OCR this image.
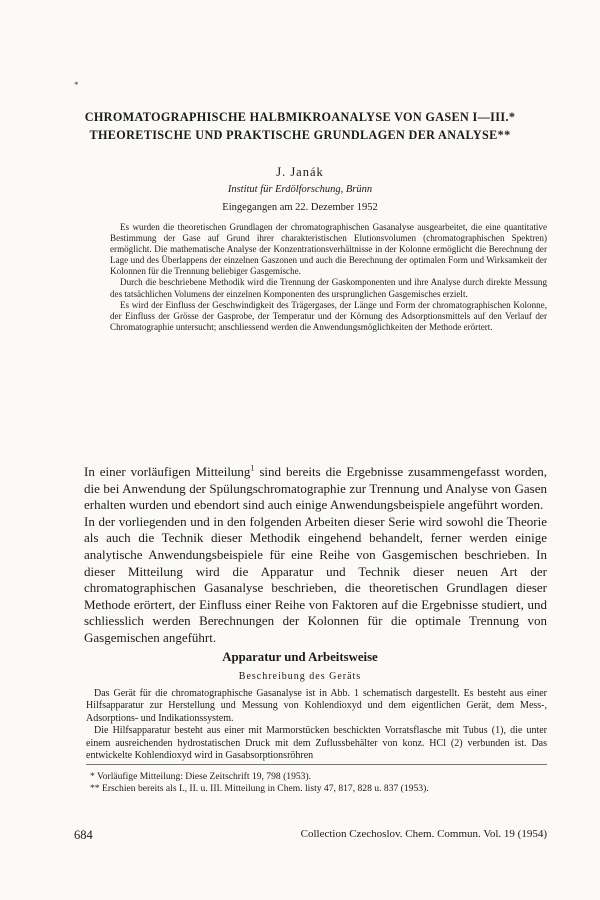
*
CHROMATOGRAPHISCHE HALBMIKROANALYSE VON GASEN I—III.*
THEORETISCHE UND PRAKTISCHE GRUNDLAGEN DER ANALYSE**
J. Janák
Institut für Erdölforschung, Brünn
Eingegangen am 22. Dezember 1952

Es wurden die theoretischen Grundlagen der chromatographischen Gasanalyse ausgearbeitet, die eine quantitative Bestimmung der Gase auf Grund ihrer charakteristischen Elutionsvolumen (chromatographischen Spektren) ermöglicht. Die mathematische Analyse der Konzentrationsverhältnisse in der Kolonne ermöglicht die Berechnung der Lage und des Überlappens der einzelnen Gaszonen und auch die Berechnung der optimalen Form und Wirksamkeit der Kolonnen für die Trennung beliebiger Gasgemische.

Durch die beschriebene Methodik wird die Trennung der Gaskomponenten und ihre Analyse durch direkte Messung des tatsächlichen Volumens der einzelnen Komponenten des ursprunglichen Gasgemisches erzielt.

Es wird der Einfluss der Geschwindigkeit des Trägergases, der Länge und Form der chromatographischen Kolonne, der Einfluss der Grösse der Gasprobe, der Temperatur und der Körnung des Adsorptionsmittels auf den Verlauf der Chromatographie untersucht; anschliessend werden die Anwendungsmöglichkeiten der Methode erörtert.

In einer vorläufigen Mitteilung$^1$ sind bereits die Ergebnisse zusammengefasst worden, die bei Anwendung der Spülungschromatographie zur Trennung und Analyse von Gasen erhalten wurden und ebendort sind auch einige Anwendungsbeispiele angeführt worden.

In der vorliegenden und in den folgenden Arbeiten dieser Serie wird sowohl die Theorie als auch die Technik dieser Methodik eingehend behandelt, ferner werden einige analytische Anwendungsbeispiele für eine Reihe von Gasgemischen beschrieben. In dieser Mitteilung wird die Apparatur und Technik dieser neuen Art der chromatographischen Gasanalyse beschrieben, die theoretischen Grundlagen dieser Methode erörtert, der Einfluss einer Reihe von Faktoren auf die Ergebnisse studiert, und schliesslich werden Berechnungen der Kolonnen für die optimale Trennung von Gasgemischen angeführt.

Apparatur und Arbeitsweise
Beschreibung des Geräts

Das Gerät für die chromatographische Gasanalyse ist in Abb. 1 schematisch dargestellt. Es besteht aus einer Hilfsapparatur zur Herstellung und Messung von Kohlendioxyd und dem eigentlichen Gerät, dem Mess-, Adsorptions- und Indikationssystem.

Die Hilfsapparatur besteht aus einer mit Marmorstücken beschickten Vorratsflasche mit Tubus (1), die unter einem ausreichenden hydrostatischen Druck mit dem Zuflussbehälter von konz. HCl (2) verbunden ist. Das entwickelte Kohlendioxyd wird in Gasabsorptionsröhren

* Vorläufige Mitteilung: Diese Zeitschrift 19, 798 (1953).

** Erschien bereits als I., II. u. III. Mitteilung in Chem. listy 47, 817, 828 u. 837 (1953).

684	Collection Czechoslov. Chem. Commun. Vol. 19 (1954)
